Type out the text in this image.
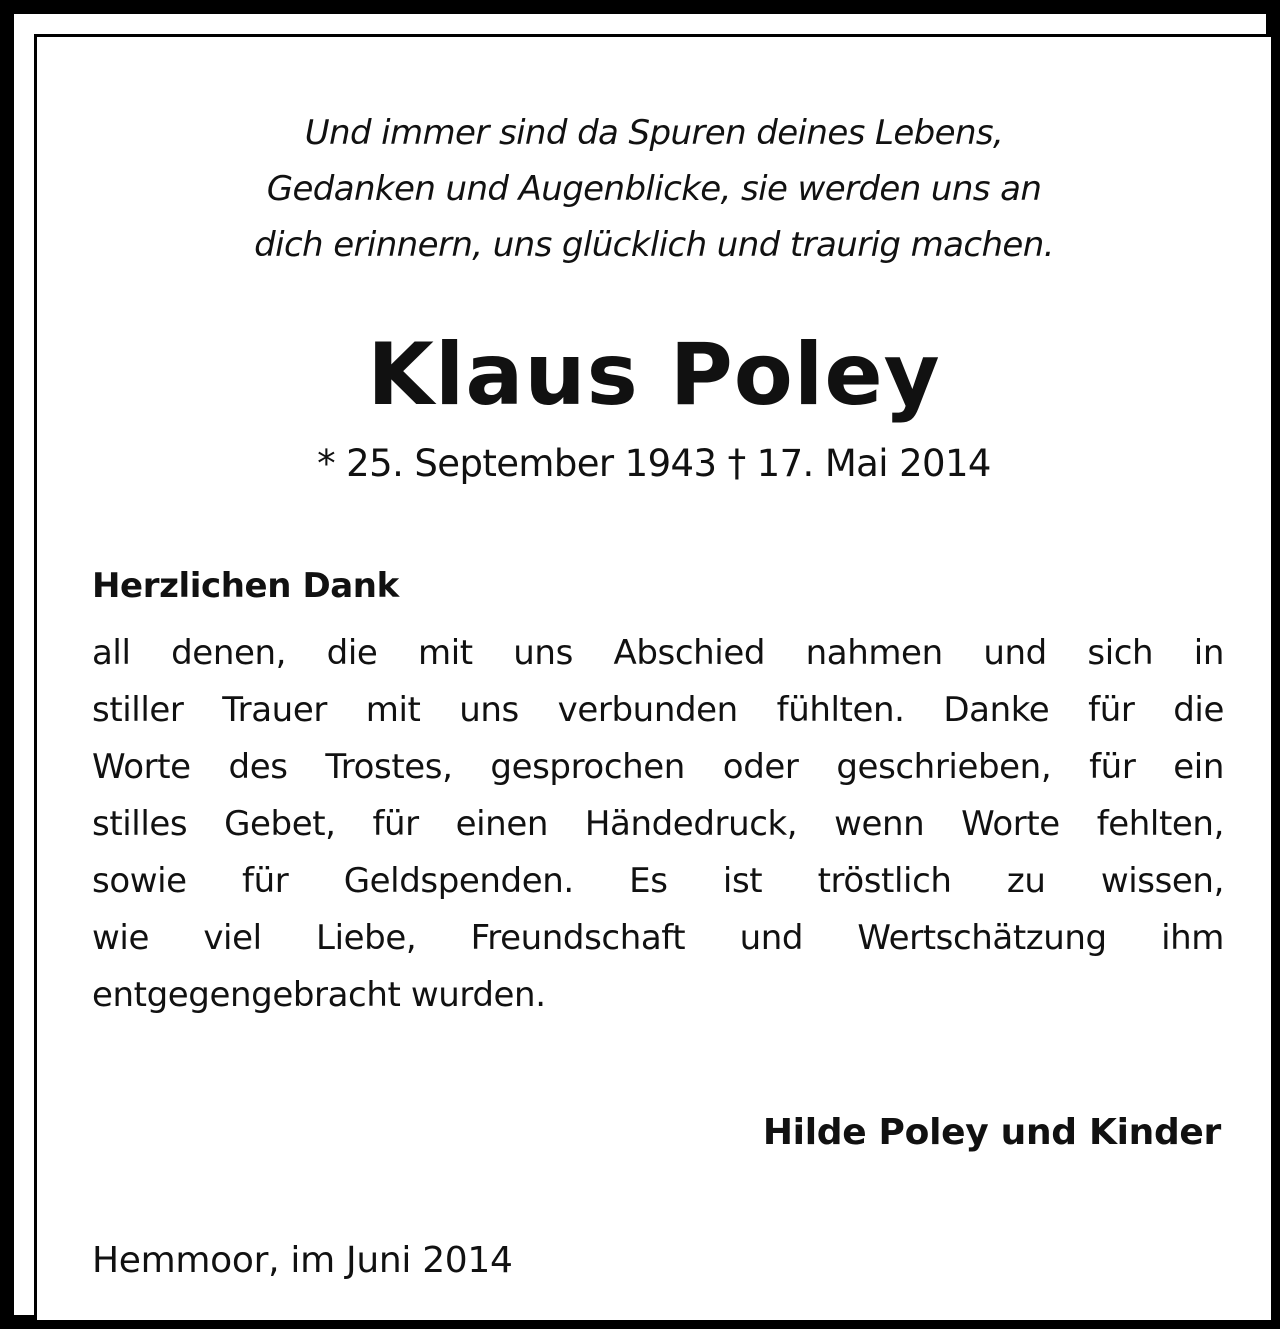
Und immer sind da Spuren deines Lebens,
Gedanken und Augenblicke, sie werden uns an
dich erinnern, uns glücklich und traurig machen.
Klaus Poley
* 25. September 1943 † 17. Mai 2014
Herzlichen Dank
all denen, die mit uns Abschied nahmen und sich in
stiller Trauer mit uns verbunden fühlten. Danke für die
Worte des Trostes, gesprochen oder geschrieben, für ein
stilles Gebet, für einen Händedruck, wenn Worte fehlten,
sowie für Geldspenden. Es ist tröstlich zu wissen,
wie viel Liebe, Freundschaft und Wertschätzung ihm
entgegengebracht wurden.
Hilde Poley und Kinder
Hemmoor, im Juni 2014
